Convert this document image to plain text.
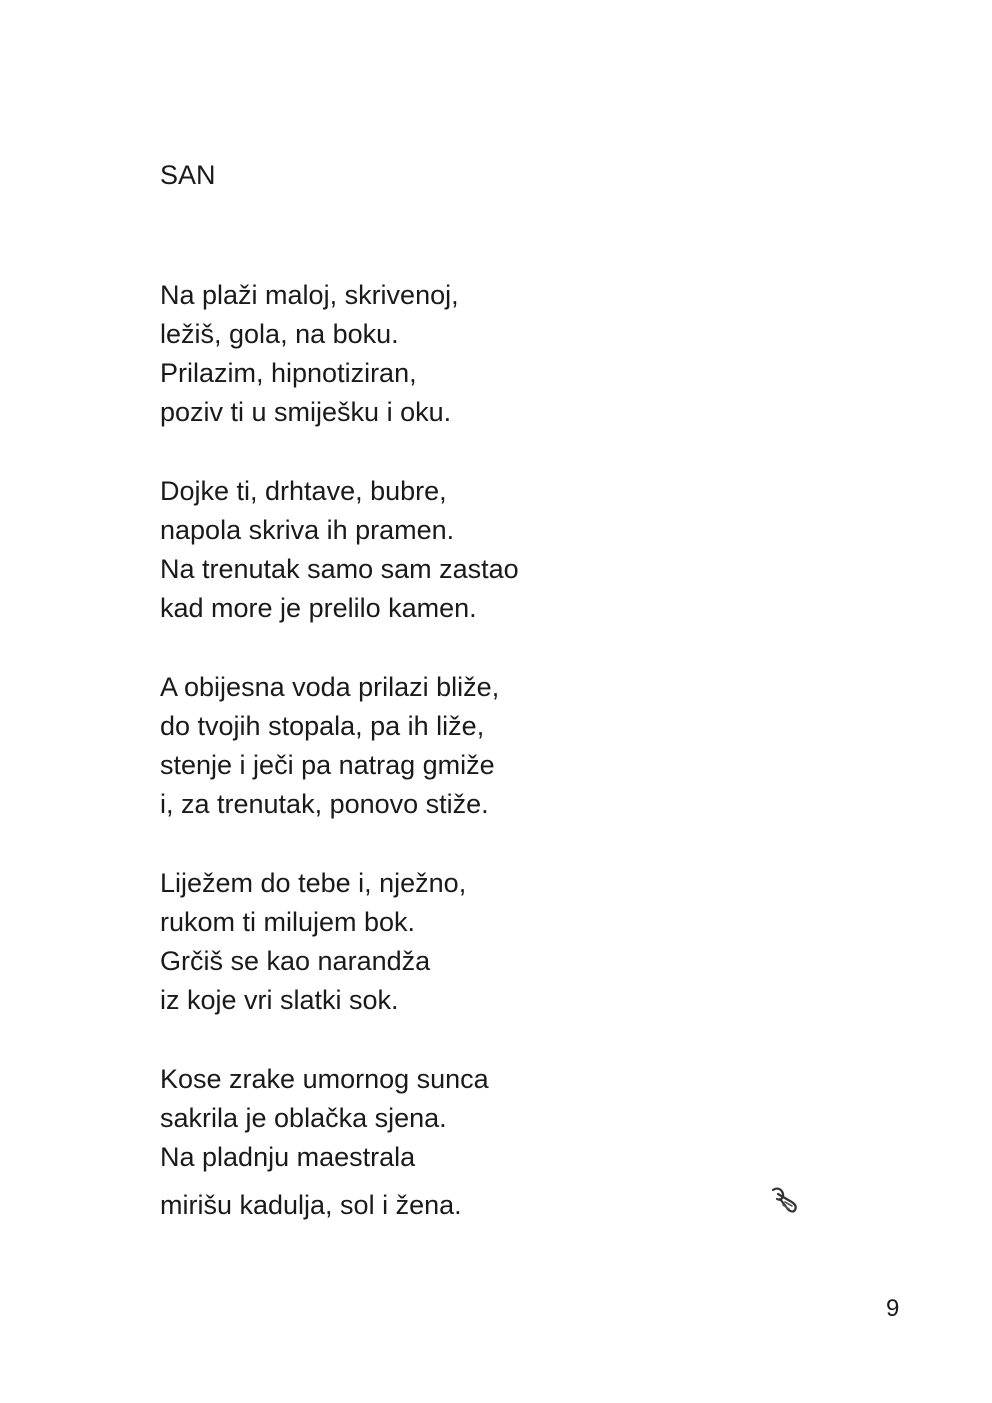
SAN
Na plaži maloj, skrivenoj,
ležiš, gola, na boku.
Prilazim, hipnotiziran,
poziv ti u smiješku i oku.
Dojke ti, drhtave, bubre,
napola skriva ih pramen.
Na trenutak samo sam zastao
kad more je prelilo kamen.
A obijesna voda prilazi bliže,
do tvojih stopala, pa ih liže,
stenje i ječi pa natrag gmiže
i, za trenutak, ponovo stiže.
Liježem do tebe i, nježno,
rukom ti milujem bok.
Grčiš se kao narandža
iz koje vri slatki sok.
Kose zrake umornog sunca
sakrila je oblačka sjena.
Na pladnju maestrala
mirišu kadulja, sol i žena.
9
